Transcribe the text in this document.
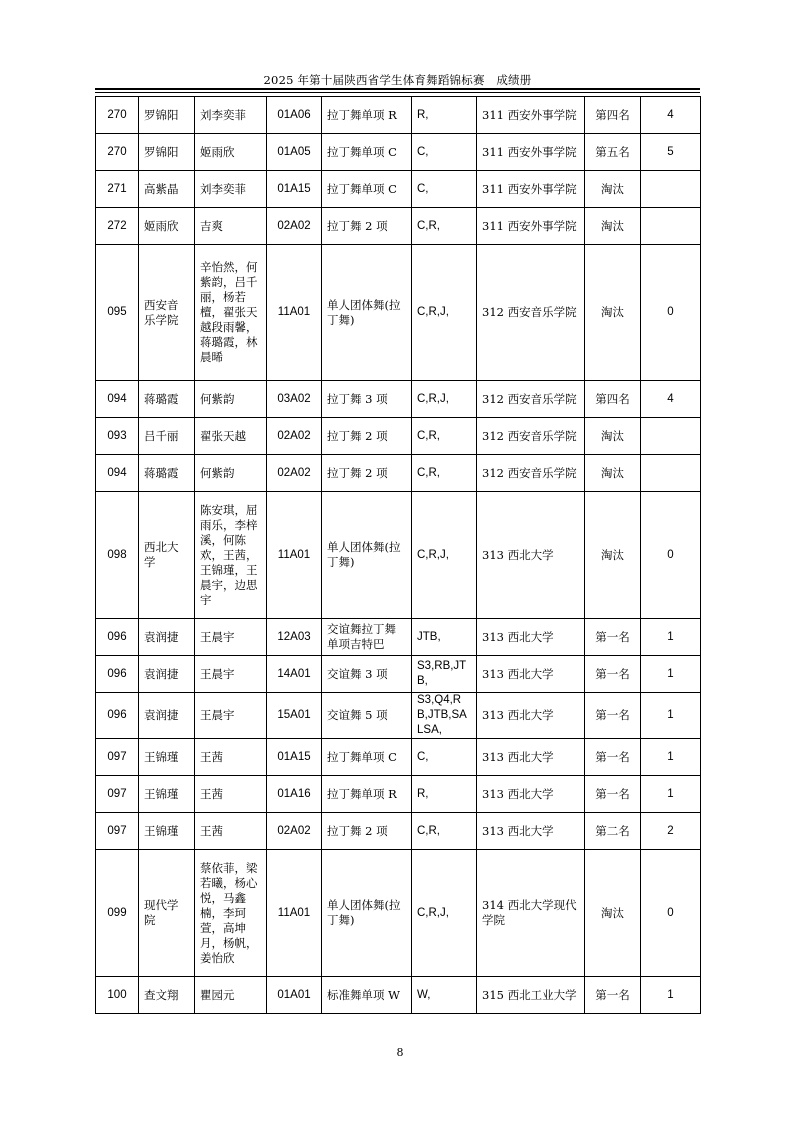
2025 年第十届陕西省学生体育舞蹈锦标赛　成绩册
270	罗锦阳	刘李奕菲	01A06	拉丁舞单项 R	R,	311 西安外事学院	第四名	4
270	罗锦阳	姬雨欣	01A05	拉丁舞单项 C	C,	311 西安外事学院	第五名	5
271	高紫晶	刘李奕菲	01A15	拉丁舞单项 C	C,	311 西安外事学院	淘汰	
272	姬雨欣	吉爽	02A02	拉丁舞 2 项	C,R,	311 西安外事学院	淘汰	
095	西安音乐学院	辛怡然，何紫韵，吕千丽，杨若檀，翟张天越段雨馨，蒋璐霞，林晨晞	11A01	单人团体舞(拉丁舞)	C,R,J,	312 西安音乐学院	淘汰	0
094	蒋璐霞	何紫韵	03A02	拉丁舞 3 项	C,R,J,	312 西安音乐学院	第四名	4
093	吕千丽	翟张天越	02A02	拉丁舞 2 项	C,R,	312 西安音乐学院	淘汰	
094	蒋璐霞	何紫韵	02A02	拉丁舞 2 项	C,R,	312 西安音乐学院	淘汰	
098	西北大学	陈安琪，屈雨乐，李梓溪，何陈欢，王茜，王锦瑾，王晨宇，边思宇	11A01	单人团体舞(拉丁舞)	C,R,J,	313 西北大学	淘汰	0
096	袁润捷	王晨宇	12A03	交谊舞拉丁舞单项吉特巴	JTB,	313 西北大学	第一名	1
096	袁润捷	王晨宇	14A01	交谊舞 3 项	S3,RB,JTB,	313 西北大学	第一名	1
096	袁润捷	王晨宇	15A01	交谊舞 5 项	S3,Q4,RB,JTB,SALSA,	313 西北大学	第一名	1
097	王锦瑾	王茜	01A15	拉丁舞单项 C	C,	313 西北大学	第一名	1
097	王锦瑾	王茜	01A16	拉丁舞单项 R	R,	313 西北大学	第一名	1
097	王锦瑾	王茜	02A02	拉丁舞 2 项	C,R,	313 西北大学	第二名	2
099	现代学院	蔡依菲，梁若曦，杨心悦，马鑫楠，李珂萱，高坤月，杨帆，姜怡欣	11A01	单人团体舞(拉丁舞)	C,R,J,	314 西北大学现代学院	淘汰	0
100	查文翔	瞿园元	01A01	标准舞单项 W	W,	315 西北工业大学	第一名	1
8
